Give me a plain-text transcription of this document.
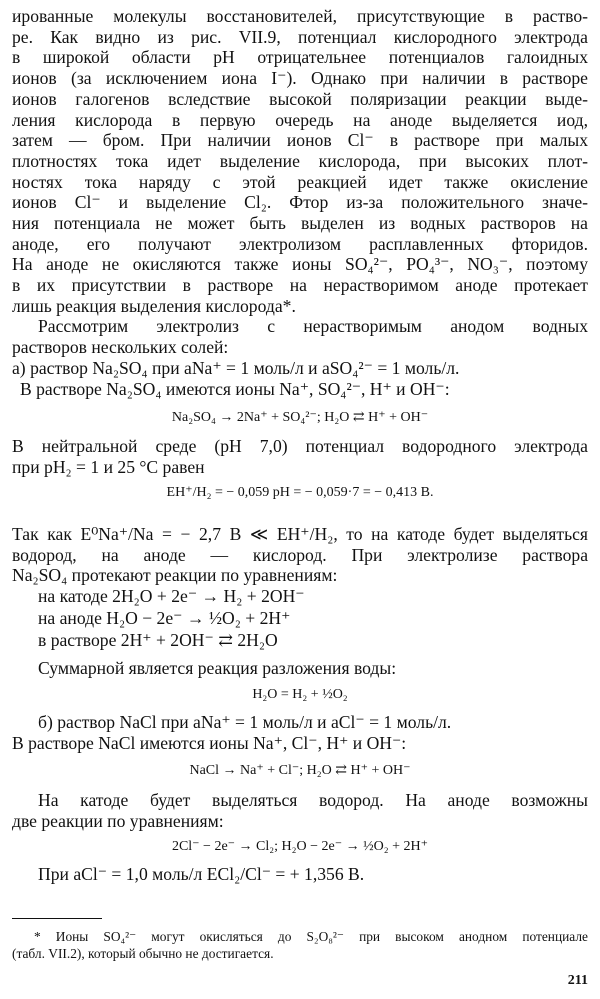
ированные молекулы восстановителей, присутствующие в раство-
ре. Как видно из рис. VII.9, потенциал кислородного электрода
в широкой области pH отрицательнее потенциалов галоидных
ионов (за исключением иона I⁻). Однако при наличии в растворе
ионов галогенов вследствие высокой поляризации реакции выде-
ления кислорода в первую очередь на аноде выделяется иод,
затем — бром. При наличии ионов Cl⁻ в растворе при малых
плотностях тока идет выделение кислорода, при высоких плот-
ностях тока наряду с этой реакцией идет также окисление
ионов Cl⁻ и выделение Cl₂. Фтор из-за положительного значе-
ния потенциала не может быть выделен из водных растворов на
аноде, его получают электролизом расплавленных фторидов.
На аноде не окисляются также ионы SO₄²⁻, PO₄³⁻, NO₃⁻, поэтому
в их присутствии в растворе на нерастворимом аноде протекает
лишь реакция выделения кислорода*.
Рассмотрим электролиз с нерастворимым анодом водных
растворов нескольких солей:
а) раствор Na₂SO₄ при aNa⁺ = 1 моль/л и aSO₄²⁻ = 1 моль/л.
В растворе Na₂SO₄ имеются ионы Na⁺, SO₄²⁻, H⁺ и OH⁻:
Na₂SO₄ → 2Na⁺ + SO₄²⁻; H₂O ⇄ H⁺ + OH⁻
В нейтральной среде (pH 7,0) потенциал водородного электрода
при pH₂ = 1 и 25 °C равен
EH⁺/H₂ = − 0,059 pH = − 0,059·7 = − 0,413 В.
Так как E⁰Na⁺/Na = − 2,7 В ≪ EH⁺/H₂, то на катоде будет выделяться
водород, на аноде — кислород. При электролизе раствора
Na₂SO₄ протекают реакции по уравнениям:
на катоде 2H₂O + 2e⁻ → H₂ + 2OH⁻
на аноде H₂O − 2e⁻ → ½O₂ + 2H⁺
в растворе 2H⁺ + 2OH⁻ ⇄ 2H₂O
Суммарной является реакция разложения воды:
H₂O = H₂ + ½O₂
б) раствор NaCl при aNa⁺ = 1 моль/л и aCl⁻ = 1 моль/л.
В растворе NaCl имеются ионы Na⁺, Cl⁻, H⁺ и OH⁻:
NaCl → Na⁺ + Cl⁻; H₂O ⇄ H⁺ + OH⁻
На катоде будет выделяться водород. На аноде возможны
две реакции по уравнениям:
2Cl⁻ − 2e⁻ → Cl₂; H₂O − 2e⁻ → ½O₂ + 2H⁺
При aCl⁻ = 1,0 моль/л ECl₂/Cl⁻ = + 1,356 В.
* Ионы SO₄²⁻ могут окисляться до S₂O₈²⁻ при высоком анодном потенциале
(табл. VII.2), который обычно не достигается.
211
